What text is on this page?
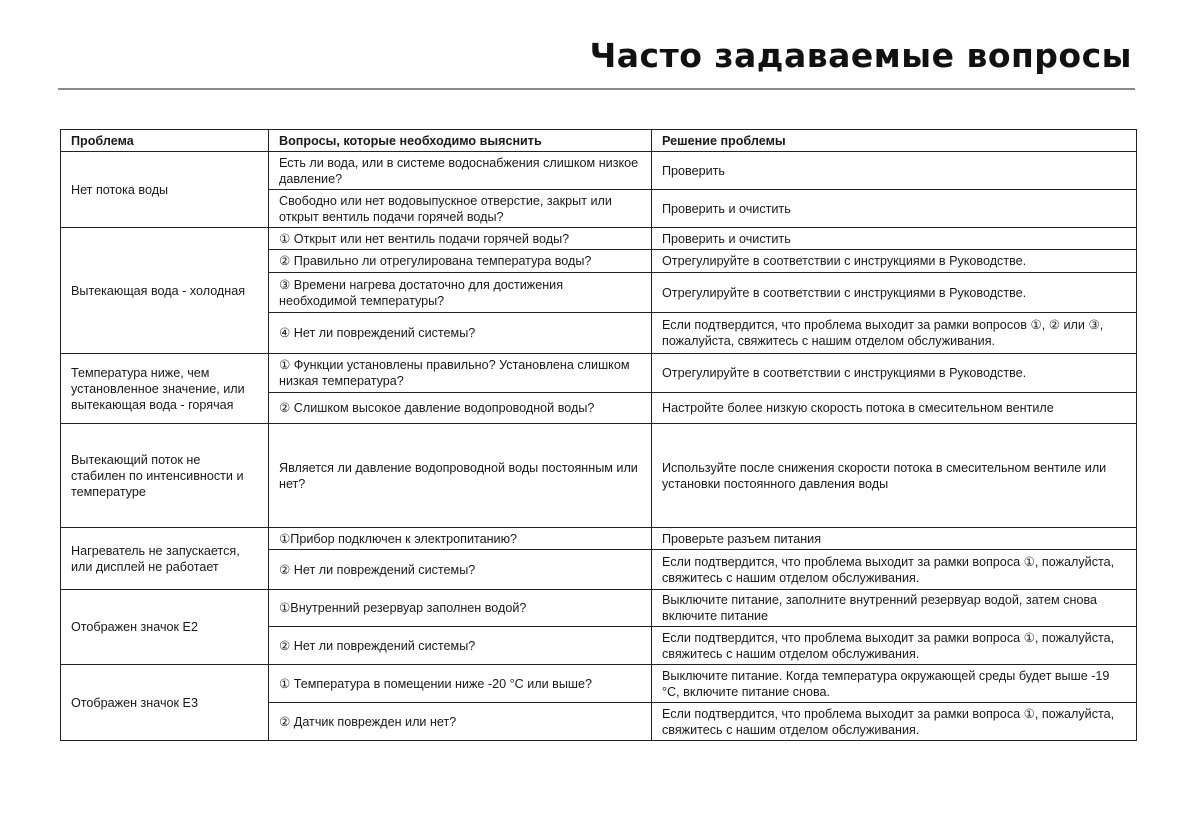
Часто задаваемые вопросы
Проблема	Вопросы, которые необходимо выяснить	Решение проблемы
Нет потока воды	Есть ли вода, или в системе водоснабжения слишком низкое давление?	Проверить
	Свободно или нет водовыпускное отверстие, закрыт или открыт вентиль подачи горячей воды?	Проверить и очистить
Вытекающая вода - холодная	① Открыт или нет вентиль подачи горячей воды?	Проверить и очистить
	② Правильно ли отрегулирована температура воды?	Отрегулируйте в соответствии с инструкциями в Руководстве.
	③ Времени нагрева достаточно для достижения необходимой температуры?	Отрегулируйте в соответствии с инструкциями в Руководстве.
	④ Нет ли повреждений системы?	Если подтвердится, что проблема выходит за рамки вопросов ①, ② или ③, пожалуйста, свяжитесь с нашим отделом обслуживания.
Температура ниже, чем установленное значение, или вытекающая вода - горячая	① Функции установлены правильно? Установлена слишком низкая температура?	Отрегулируйте в соответствии с инструкциями в Руководстве.
	② Слишком высокое давление водопроводной воды?	Настройте более низкую скорость потока в смесительном вентиле
Вытекающий поток не стабилен по интенсивности и температуре	Является ли давление водопроводной воды постоянным или нет?	Используйте после снижения скорости потока в смесительном вентиле или установки постоянного давления воды
Нагреватель не запускается, или дисплей не работает	①Прибор подключен к электропитанию?	Проверьте разъем питания
	② Нет ли повреждений системы?	Если подтвердится, что проблема выходит за рамки вопроса ①, пожалуйста, свяжитесь с нашим отделом обслуживания.
Отображен значок Е2	①Внутренний резервуар заполнен водой?	Выключите питание, заполните внутренний резервуар водой, затем снова включите питание
	② Нет ли повреждений системы?	Если подтвердится, что проблема выходит за рамки вопроса ①, пожалуйста, свяжитесь с нашим отделом обслуживания.
Отображен значок Е3	① Температура в помещении ниже -20 °C или выше?	Выключите питание. Когда температура окружающей среды будет выше -19 °C, включите питание снова.
	② Датчик поврежден или нет?	Если подтвердится, что проблема выходит за рамки вопроса ①, пожалуйста, свяжитесь с нашим отделом обслуживания.
